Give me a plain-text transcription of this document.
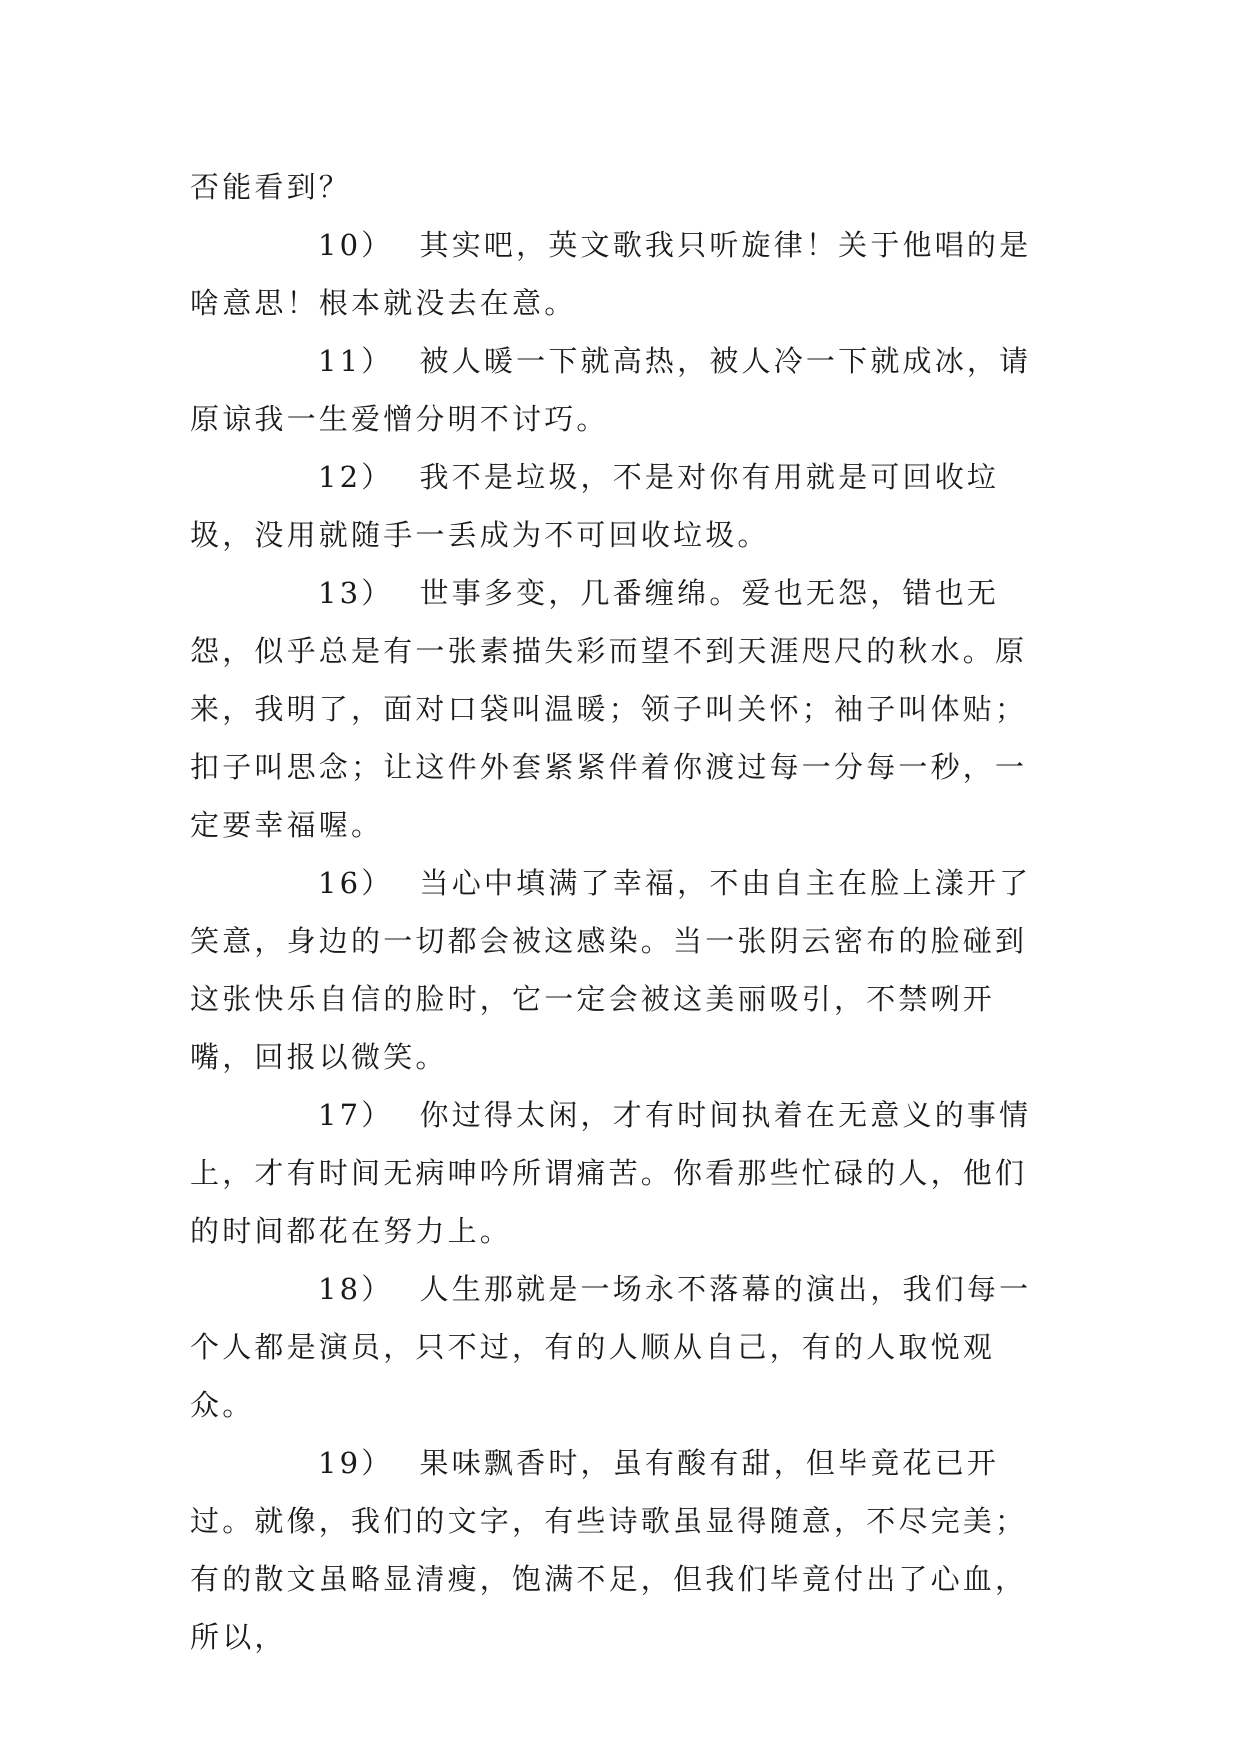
否能看到？

10） 其实吧，英文歌我只听旋律！关于他唱的是啥意思！根本就没去在意。

11） 被人暖一下就高热，被人冷一下就成冰，请原谅我一生爱憎分明不讨巧。

12） 我不是垃圾，不是对你有用就是可回收垃圾，没用就随手一丢成为不可回收垃圾。

13） 世事多变，几番缠绵。爱也无怨，错也无怨，似乎总是有一张素描失彩而望不到天涯咫尺的秋水。原来，我明了，面对口袋叫温暖；领子叫关怀；袖子叫体贴；扣子叫思念；让这件外套紧紧伴着你渡过每一分每一秒，一定要幸福喔。

16） 当心中填满了幸福，不由自主在脸上漾开了笑意，身边的一切都会被这感染。当一张阴云密布的脸碰到这张快乐自信的脸时，它一定会被这美丽吸引，不禁咧开嘴，回报以微笑。

17） 你过得太闲，才有时间执着在无意义的事情上，才有时间无病呻吟所谓痛苦。你看那些忙碌的人，他们的时间都花在努力上。

18） 人生那就是一场永不落幕的演出，我们每一个人都是演员，只不过，有的人顺从自己，有的人取悦观众。

19） 果味飘香时，虽有酸有甜，但毕竟花已开过。就像，我们的文字，有些诗歌虽显得随意，不尽完美；有的散文虽略显清瘦，饱满不足，但我们毕竟付出了心血，所以，
